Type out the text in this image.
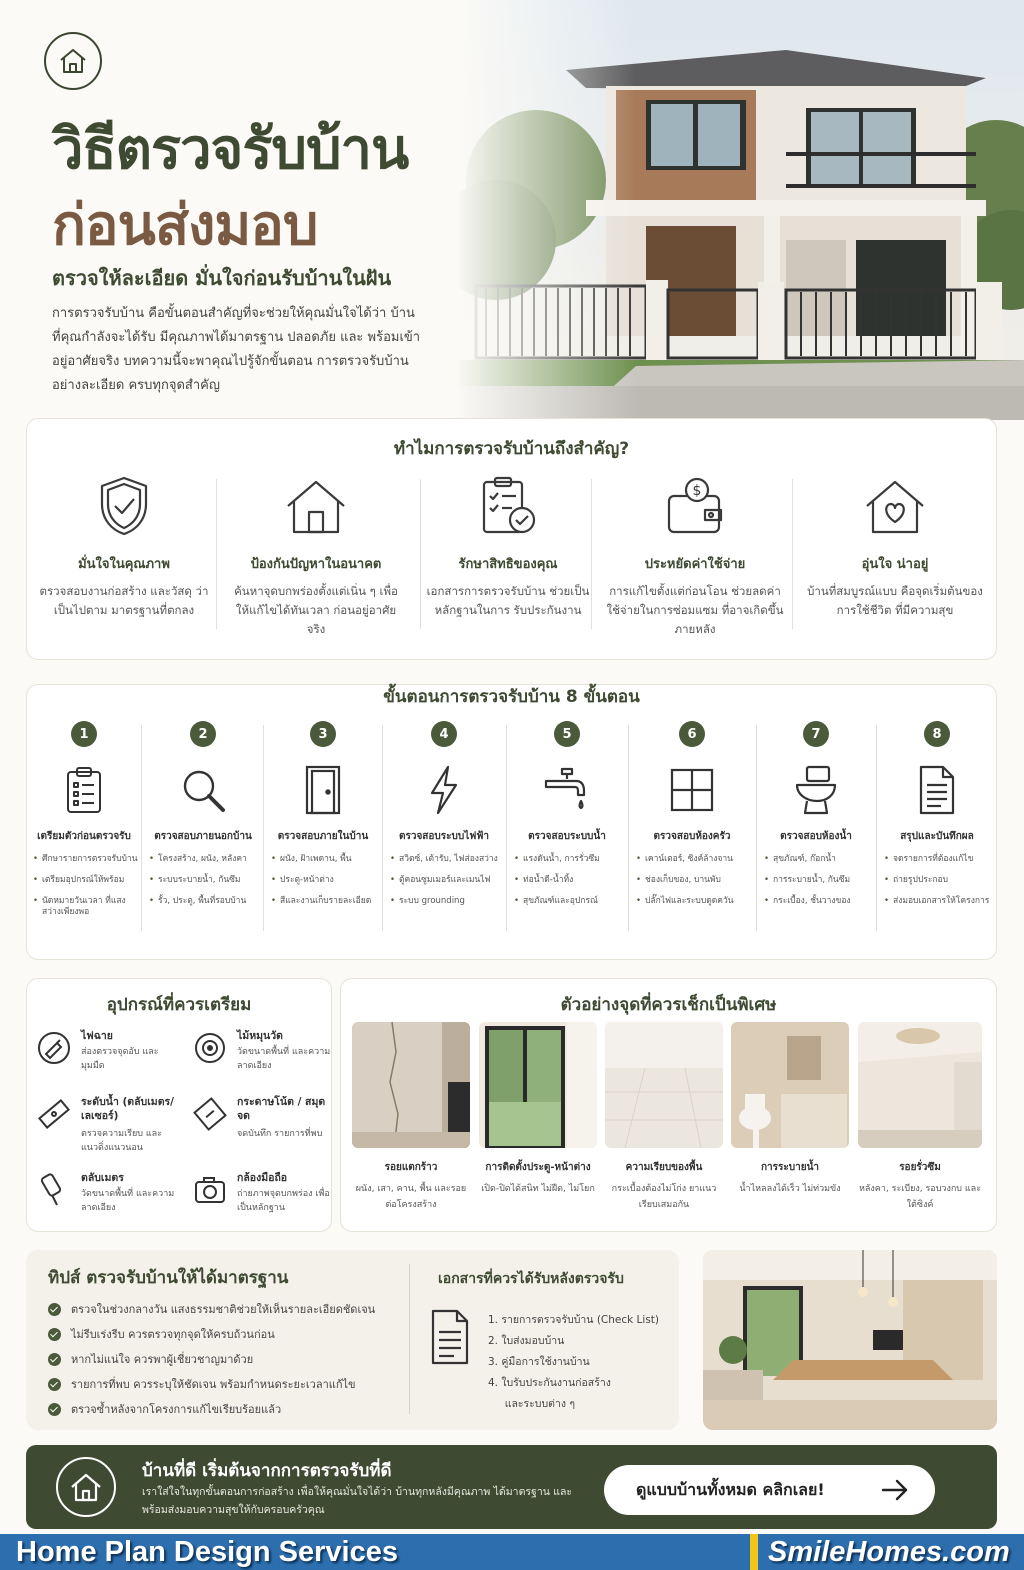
วิธีตรวจรับบ้าน
ก่อนส่งมอบ
ตรวจให้ละเอียด มั่นใจก่อนรับบ้านในฝัน
การตรวจรับบ้าน คือขั้นตอนสำคัญที่จะช่วยให้คุณมั่นใจได้ว่า บ้านที่คุณกำลังจะได้รับ มีคุณภาพได้มาตรฐาน ปลอดภัย และ พร้อมเข้าอยู่อาศัยจริง บทความนี้จะพาคุณไปรู้จักขั้นตอน การตรวจรับบ้านอย่างละเอียด ครบทุกจุดสำคัญ
ทำไมการตรวจรับบ้านถึงสำคัญ?
มั่นใจในคุณภาพ

ตรวจสอบงานก่อสร้าง และวัสดุ ว่าเป็นไปตาม มาตรฐานที่ตกลง

ป้องกันปัญหาในอนาคต

ค้นหาจุดบกพร่องตั้งแต่เนิ่น ๆ เพื่อให้แก้ไขได้ทันเวลา ก่อนอยู่อาศัยจริง

รักษาสิทธิของคุณ

เอกสารการตรวจรับบ้าน ช่วยเป็นหลักฐานในการ รับประกันงาน

$
ประหยัดค่าใช้จ่าย

การแก้ไขตั้งแต่ก่อนโอน ช่วยลดค่าใช้จ่ายในการซ่อมแซม ที่อาจเกิดขึ้นภายหลัง

อุ่นใจ น่าอยู่

บ้านที่สมบูรณ์แบบ คือจุดเริ่มต้นของการใช้ชีวิต ที่มีความสุข

ขั้นตอนการตรวจรับบ้าน 8 ขั้นตอน
1
เตรียมตัวก่อนตรวจรับ
• ศึกษารายการตรวจรับบ้าน
• เตรียมอุปกรณ์ให้พร้อม
• นัดหมายวันเวลา ที่แสงสว่างเพียงพอ
2
ตรวจสอบภายนอกบ้าน
• โครงสร้าง, ผนัง, หลังคา
• ระบบระบายน้ำ, กันซึม
• รั้ว, ประตู, พื้นที่รอบบ้าน
3
ตรวจสอบภายในบ้าน
• ผนัง, ฝ้าเพดาน, พื้น
• ประตู-หน้าต่าง
• สีและงานเก็บรายละเอียด
4
ตรวจสอบระบบไฟฟ้า
• สวิตซ์, เต้ารับ, ไฟส่องสว่าง
• ตู้คอนซูมเมอร์และเมนไฟ
• ระบบ grounding
5
ตรวจสอบระบบน้ำ
• แรงดันน้ำ, การรั่วซึม
• ท่อน้ำดี-น้ำทิ้ง
• สุขภัณฑ์และอุปกรณ์
6
ตรวจสอบห้องครัว
• เคาน์เตอร์, ซิงค์ล้างจาน
• ช่องเก็บของ, บานพับ
• ปลั๊กไฟและระบบดูดควัน
7
ตรวจสอบห้องน้ำ
• สุขภัณฑ์, ก๊อกน้ำ
• การระบายน้ำ, กันซึม
• กระเบื้อง, ชั้นวางของ
8
สรุปและบันทึกผล
• จดรายการที่ต้องแก้ไข
• ถ่ายรูปประกอบ
• ส่งมอบเอกสารให้โครงการ
อุปกรณ์ที่ควรเตรียม
ไฟฉาย
ส่องตรวจจุดอับ และมุมมืด
ไม้หมุนวัด
วัดขนาดพื้นที่ และความลาดเอียง
ระดับน้ำ (ตลับเมตร/เลเซอร์)
ตรวจความเรียบ และแนวดิ่งแนวนอน
กระดาษโน้ต / สมุดจด
จดบันทึก รายการที่พบ
ตลับเมตร
วัดขนาดพื้นที่ และความลาดเอียง
กล้องมือถือ
ถ่ายภาพจุดบกพร่อง เพื่อเป็นหลักฐาน
ตัวอย่างจุดที่ควรเช็กเป็นพิเศษ
รอยแตกร้าว

ผนัง, เสา, คาน, พื้น และรอยต่อโครงสร้าง

การติดตั้งประตู-หน้าต่าง

เปิด-ปิดได้สนิท ไม่ฝืด, ไม่โยก

ความเรียบของพื้น

กระเบื้องต้องไม่โก่ง ยาแนวเรียบเสมอกัน

การระบายน้ำ

น้ำไหลลงได้เร็ว ไม่ท่วมขัง

รอยรั่วซึม

หลังคา, ระเบียง, รอบวงกบ และใต้ซิงค์

ทิปส์ ตรวจรับบ้านให้ได้มาตรฐาน
ตรวจในช่วงกลางวัน แสงธรรมชาติช่วยให้เห็นรายละเอียดชัดเจน
ไม่รีบเร่งรีบ ควรตรวจทุกจุดให้ครบถ้วนก่อน
หากไม่แน่ใจ ควรพาผู้เชี่ยวชาญมาด้วย
รายการที่พบ ควรระบุให้ชัดเจน พร้อมกำหนดระยะเวลาแก้ไข
ตรวจซ้ำหลังจากโครงการแก้ไขเรียบร้อยแล้ว
เอกสารที่ควรได้รับหลังตรวจรับ
1. รายการตรวจรับบ้าน (Check List)
2. ใบส่งมอบบ้าน
3. คู่มือการใช้งานบ้าน
4. ใบรับประกันงานก่อสร้าง
และระบบต่าง ๆ
บ้านที่ดี เริ่มต้นจากการตรวจรับที่ดี
เราใส่ใจในทุกขั้นตอนการก่อสร้าง เพื่อให้คุณมั่นใจได้ว่า บ้านทุกหลังมีคุณภาพ ได้มาตรฐาน และพร้อมส่งมอบความสุขให้กับครอบครัวคุณ
ดูแบบบ้านทั้งหมด คลิกเลย!
Home Plan Design Services	SmileHomes.com
